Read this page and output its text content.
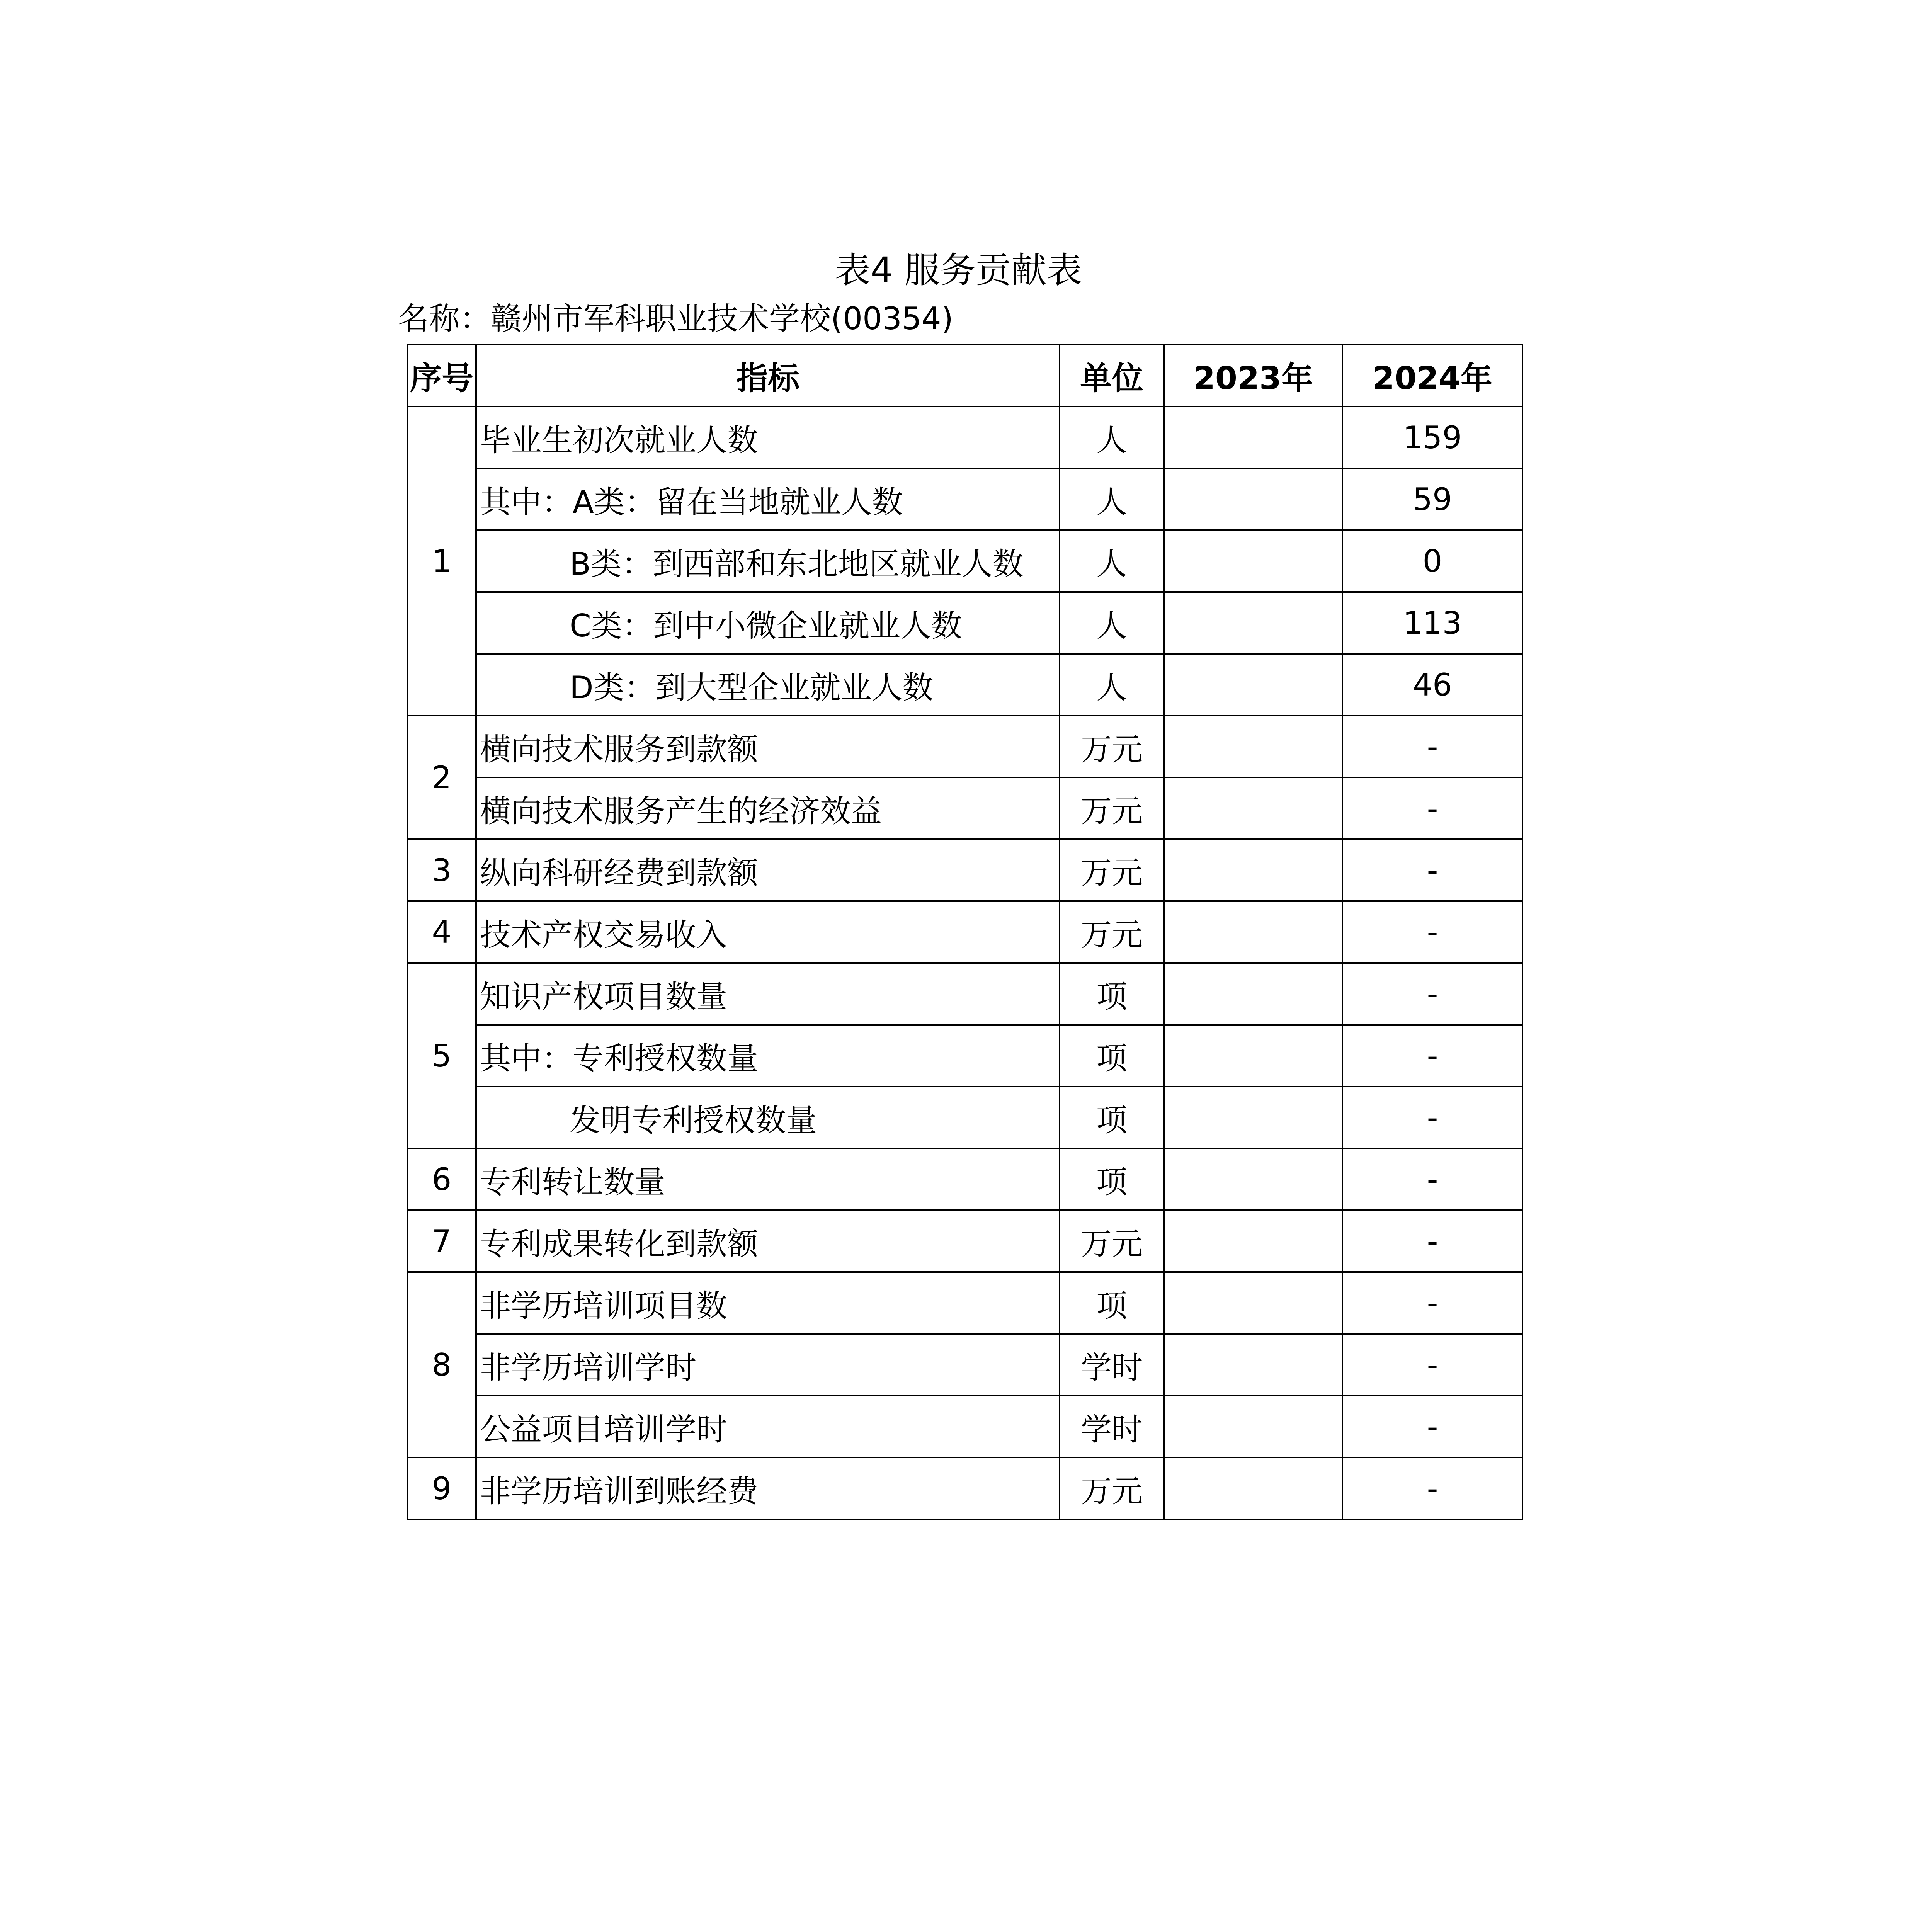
表4 服务贡献表
名称：赣州市军科职业技术学校(00354)
序号	指标	单位	2023年	2024年
1	毕业生初次就业人数	人		159
	其中：A类：留在当地就业人数	人		59
	B类：到西部和东北地区就业人数	人		0
	C类：到中小微企业就业人数	人		113
	D类：到大型企业就业人数	人		46
2	横向技术服务到款额	万元		-
	横向技术服务产生的经济效益	万元		-
3	纵向科研经费到款额	万元		-
4	技术产权交易收入	万元		-
5	知识产权项目数量	项		-
	其中：专利授权数量	项		-
	发明专利授权数量	项		-
6	专利转让数量	项		-
7	专利成果转化到款额	万元		-
8	非学历培训项目数	项		-
	非学历培训学时	学时		-
	公益项目培训学时	学时		-
9	非学历培训到账经费	万元		-
